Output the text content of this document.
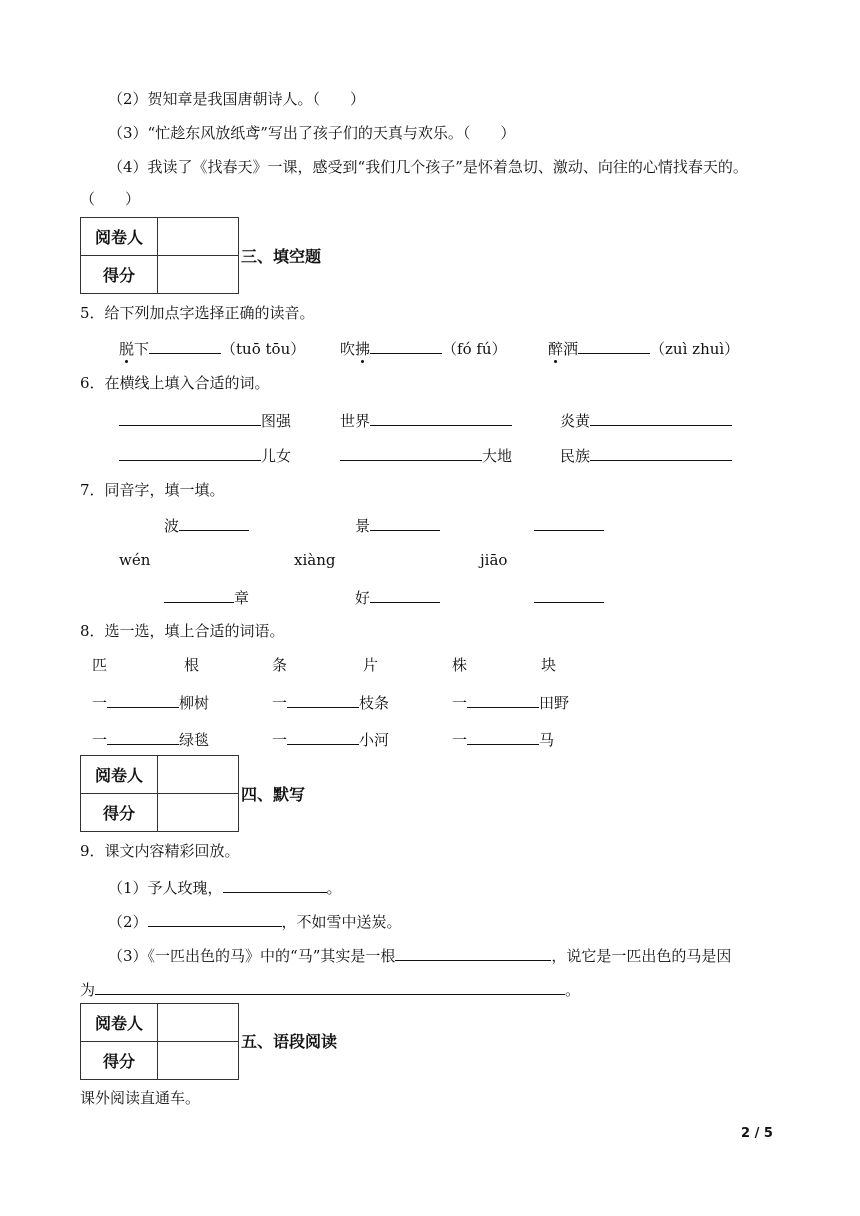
（2）贺知章是我国唐朝诗人。（　　）
（3）“忙趁东风放纸鸢”写出了孩子们的天真与欢乐。（　　）
（4）我读了《找春天》一课，感受到“我们几个孩子”是怀着急切、激动、向往的心情找春天的。
（　　）
阅卷人	
得分	
三、填空题
5．给下列加点字选择正确的读音。
脱下	（tuō tōu） 吹拂	（fó fú）	醉洒	（zuì zhuì）
6．在横线上填入合适的词。
图强	世界	炎黄
儿女	大地	民族
7．同音字，填一填。
波	景
wén	xiàng	jiāo
章	好
8．选一选，填上合适的词语。
匹	根	条	片	株	块
一	柳树	一	枝条	一	田野
一	绿毯	一	小河	一	马
阅卷人	
得分	
四、默写
9．课文内容精彩回放。
（1）予人玫瑰，	。
（2）	，不如雪中送炭。
（3）《一匹出色的马》中的“马”其实是一根	，说它是一匹出色的马是因
为	。
阅卷人	
得分	
五、语段阅读
课外阅读直通车。
2 / 5
